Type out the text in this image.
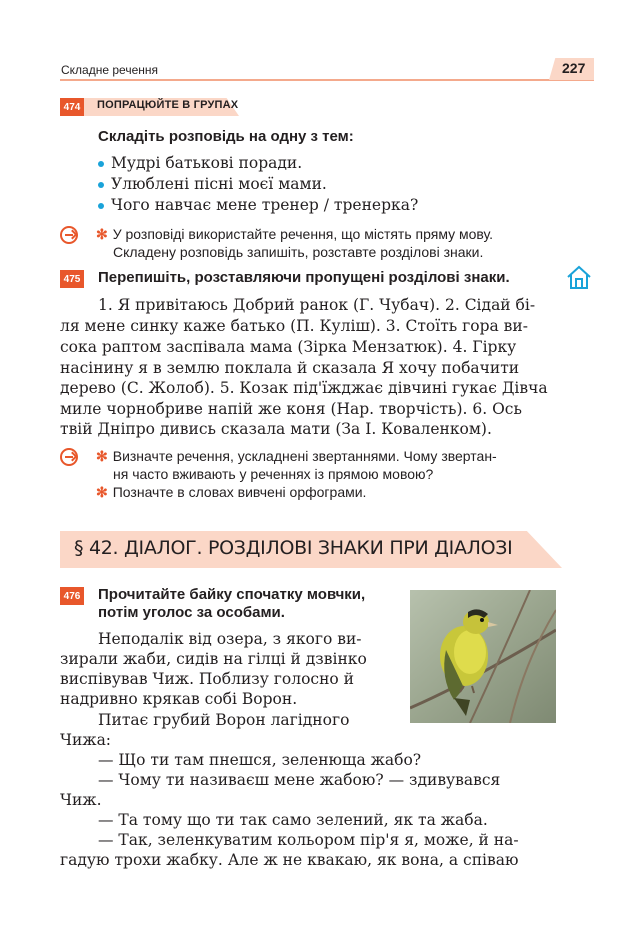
Складне речення	227
474	ПОПРАЦЮЙТЕ В ГРУПАХ
Складіть розповідь на одну з тем:
Мудрі батькові поради.
Улюблені пісні моєї мами.
Чого навчає мене тренер / тренерка?
✻ У розповіді використайте речення, що містять пряму мову.
Складену розповідь запишіть, розставте розділові знаки.
475 Перепишіть, розставляючи пропущені розділові знаки.
1. Я привітаюсь Добрий ранок (Г. Чубач). 2. Сідай бі-
ля мене синку каже батько (П. Куліш). 3. Стоїть гора ви-
сока раптом заспівала мама (Зірка Мензатюк). 4. Гірку
насінину я в землю поклала й сказала Я хочу побачити
дерево (С. Жолоб). 5. Козак під'їжджає дівчині гукає Дівча
миле чорнобриве напій же коня (Нар. творчість). 6. Ось
твій Дніпро дивись сказала мати (За І. Коваленком).
✻ Визначте речення, ускладнені звертаннями. Чому звертан-
ня часто вживають у реченнях із прямою мовою?
✻ Позначте в словах вивчені орфограми.
§ 42. ДІАЛОГ. РОЗДІЛОВІ ЗНАКИ ПРИ ДІАЛОЗІ
476 Прочитайте байку спочатку мовчки,
потім уголос за особами.
Неподалік від озера, з якого ви-
зирали жаби, сидів на гілці й дзвінко
виспівував Чиж. Поблизу голосно й
надривно крякав собі Ворон.
Питає грубий Ворон лагідного
Чижа:
— Що ти там пнешся, зеленюща жабо?
— Чому ти називаєш мене жабою? — здивувався
Чиж.
— Та тому що ти так само зелений, як та жаба.
— Так, зеленкуватим кольором пір'я я, може, й на-
гадую трохи жабку. Але ж не квакаю, як вона, а співаю
